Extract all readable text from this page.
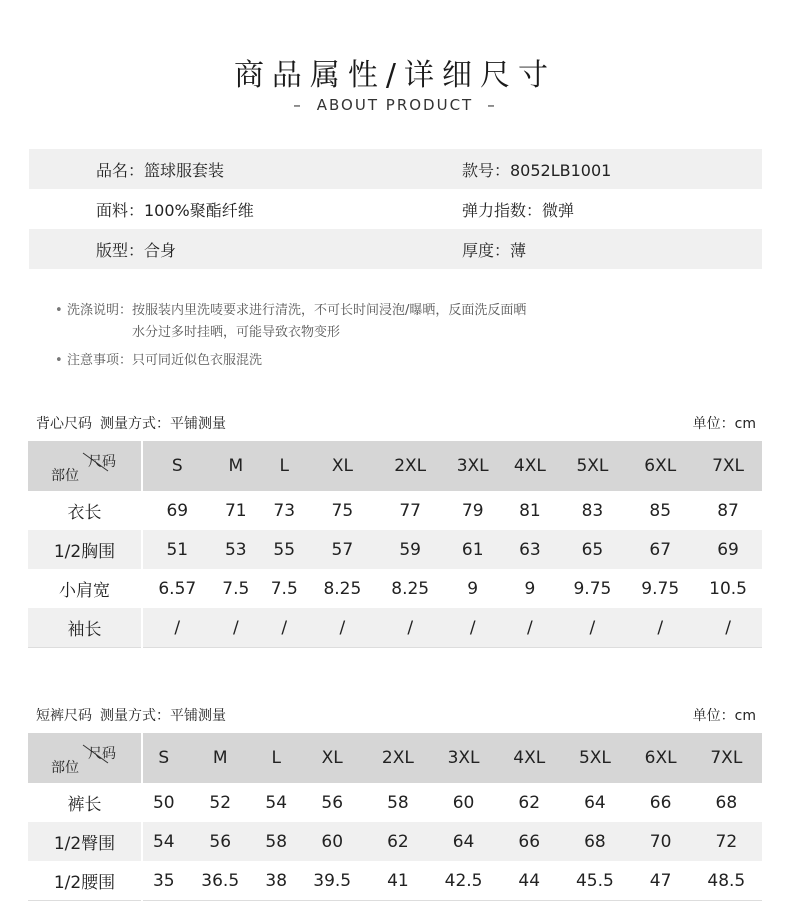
商品属性/详细尺寸
– ABOUT PRODUCT –
品名：篮球服套装	款号：8052LB1001
面料：100%聚酯纤维	弹力指数：微弹
版型：合身	厚度：薄
• 洗涤说明： 按服装内里洗唛要求进行清洗，不可长时间浸泡/曝晒，反面洗反面晒
水分过多时挂晒，可能导致衣物变形
• 注意事项： 只可同近似色衣服混洗
背心尺码 测量方式：平铺测量	单位：cm
部位
尺码	S	M	L	XL	2XL	3XL	4XL	5XL	6XL	7XL
衣长	69	71	73	75	77	79	81	83	85	87
1/2胸围	51	53	55	57	59	61	63	65	67	69
小肩宽	6.57	7.5	7.5	8.25	8.25	9	9	9.75	9.75	10.5
袖长	/	/	/	/	/	/	/	/	/	/
短裤尺码 测量方式：平铺测量	单位：cm
部位
尺码	S	M	L	XL	2XL	3XL	4XL	5XL	6XL	7XL
裤长	50	52	54	56	58	60	62	64	66	68
1/2臀围	54	56	58	60	62	64	66	68	70	72
1/2腰围	35	36.5	38	39.5	41	42.5	44	45.5	47	48.5
